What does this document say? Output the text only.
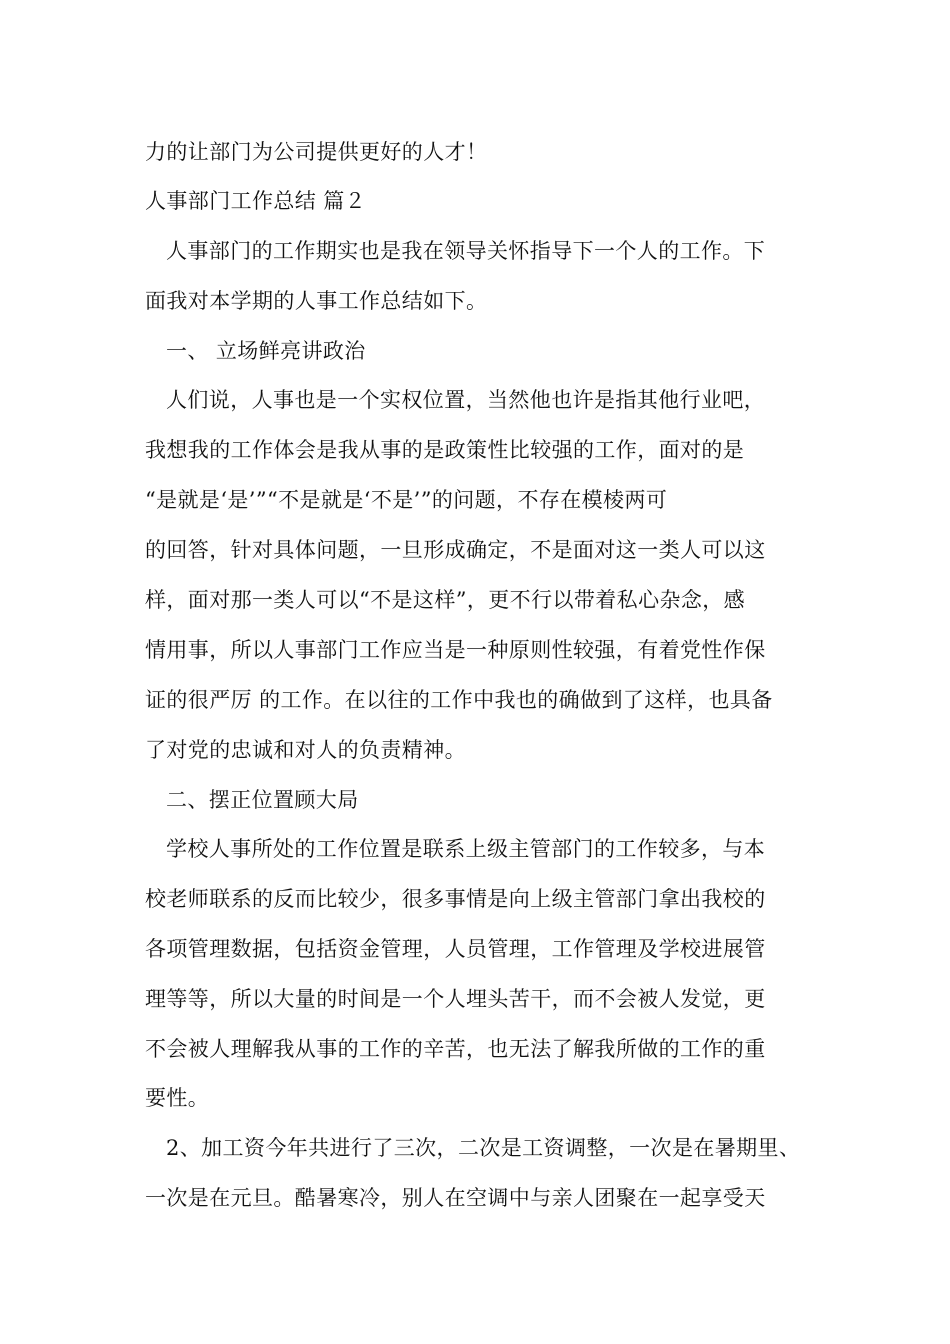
力的让部门为公司提供更好的人才！
人事部门工作总结 篇２
人事部门的工作期实也是我在领导关怀指导下一个人的工作。下
面我对本学期的人事工作总结如下。
一、 立场鲜亮讲政治
人们说，人事也是一个实权位置，当然他也许是指其他行业吧，
我想我的工作体会是我从事的是政策性比较强的工作，面对的是
“是就是‘是’”“不是就是‘不是’”的问题，不存在模棱两可
的回答，针对具体问题，一旦形成确定，不是面对这一类人可以这
样，面对那一类人可以“不是这样”，更不行以带着私心杂念，感
情用事，所以人事部门工作应当是一种原则性较强，有着党性作保
证的很严厉 的工作。在以往的工作中我也的确做到了这样，也具备
了对党的忠诚和对人的负责精神。
二、摆正位置顾大局
学校人事所处的工作位置是联系上级主管部门的工作较多，与本
校老师联系的反而比较少，很多事情是向上级主管部门拿出我校的
各项管理数据，包括资金管理，人员管理，工作管理及学校进展管
理等等，所以大量的时间是一个人埋头苦干，而不会被人发觉，更
不会被人理解我从事的工作的辛苦，也无法了解我所做的工作的重
要性。
2、加工资今年共进行了三次，二次是工资调整，一次是在暑期里、
一次是在元旦。酷暑寒冷，别人在空调中与亲人团聚在一起享受天
